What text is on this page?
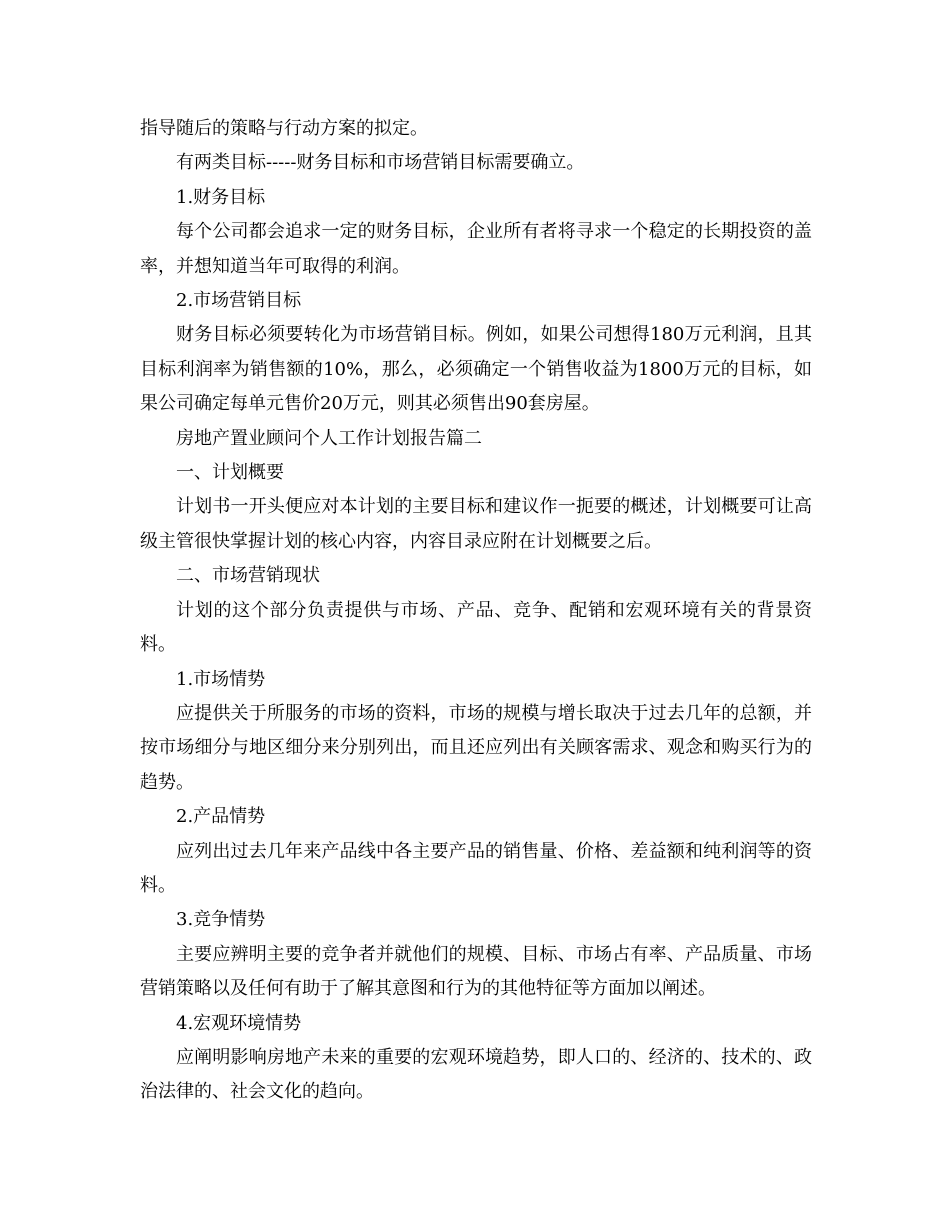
指导随后的策略与行动方案的拟定。

有两类目标-----财务目标和市场营销目标需要确立。

1.财务目标

每个公司都会追求一定的财务目标，企业所有者将寻求一个稳定的长期投资的盖率，并想知道当年可取得的利润。

2.市场营销目标

财务目标必须要转化为市场营销目标。例如，如果公司想得180万元利润，且其目标利润率为销售额的10%，那么，必须确定一个销售收益为1800万元的目标，如果公司确定每单元售价20万元，则其必须售出90套房屋。

房地产置业顾问个人工作计划报告篇二

一、计划概要

计划书一开头便应对本计划的主要目标和建议作一扼要的概述，计划概要可让高级主管很快掌握计划的核心内容，内容目录应附在计划概要之后。

二、市场营销现状

计划的这个部分负责提供与市场、产品、竞争、配销和宏观环境有关的背景资料。

1.市场情势

应提供关于所服务的市场的资料，市场的规模与增长取决于过去几年的总额，并按市场细分与地区细分来分别列出，而且还应列出有关顾客需求、观念和购买行为的趋势。

2.产品情势

应列出过去几年来产品线中各主要产品的销售量、价格、差益额和纯利润等的资料。

3.竞争情势

主要应辨明主要的竞争者并就他们的规模、目标、市场占有率、产品质量、市场营销策略以及任何有助于了解其意图和行为的其他特征等方面加以阐述。

4.宏观环境情势

应阐明影响房地产未来的重要的宏观环境趋势，即人口的、经济的、技术的、政治法律的、社会文化的趋向。
